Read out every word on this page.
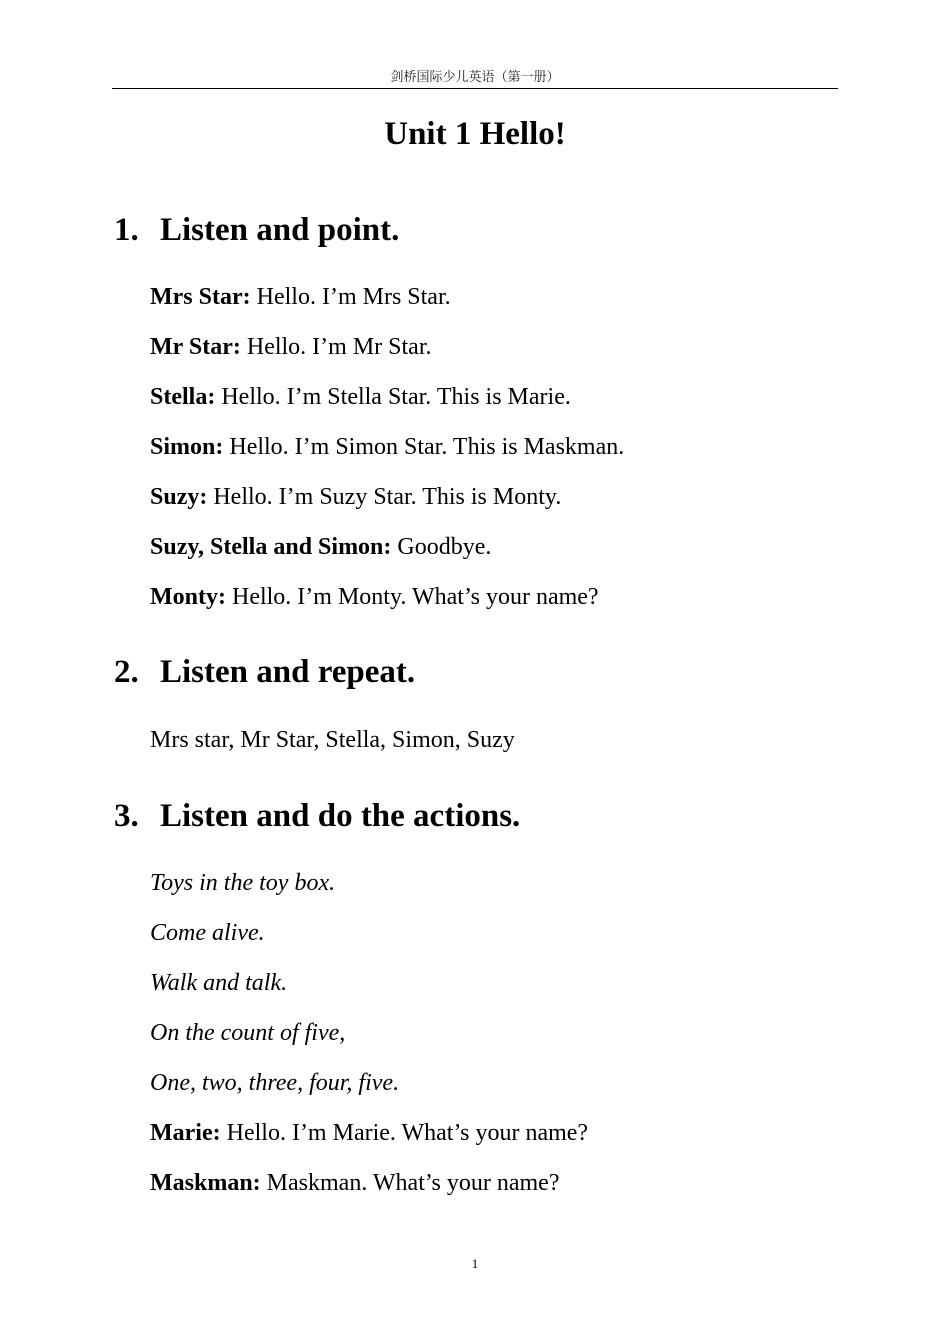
剑桥国际少儿英语（第一册）
Unit 1 Hello!
1. Listen and point.
Mrs Star: Hello. I’m Mrs Star.
Mr Star: Hello. I’m Mr Star.
Stella: Hello. I’m Stella Star. This is Marie.
Simon: Hello. I’m Simon Star. This is Maskman.
Suzy: Hello. I’m Suzy Star. This is Monty.
Suzy, Stella and Simon: Goodbye.
Monty: Hello. I’m Monty. What’s your name?
2. Listen and repeat.
Mrs star, Mr Star, Stella, Simon, Suzy
3. Listen and do the actions.
Toys in the toy box.
Come alive.
Walk and talk.
On the count of five,
One, two, three, four, five.
Marie: Hello. I’m Marie. What’s your name?
Maskman: Maskman. What’s your name?
1
